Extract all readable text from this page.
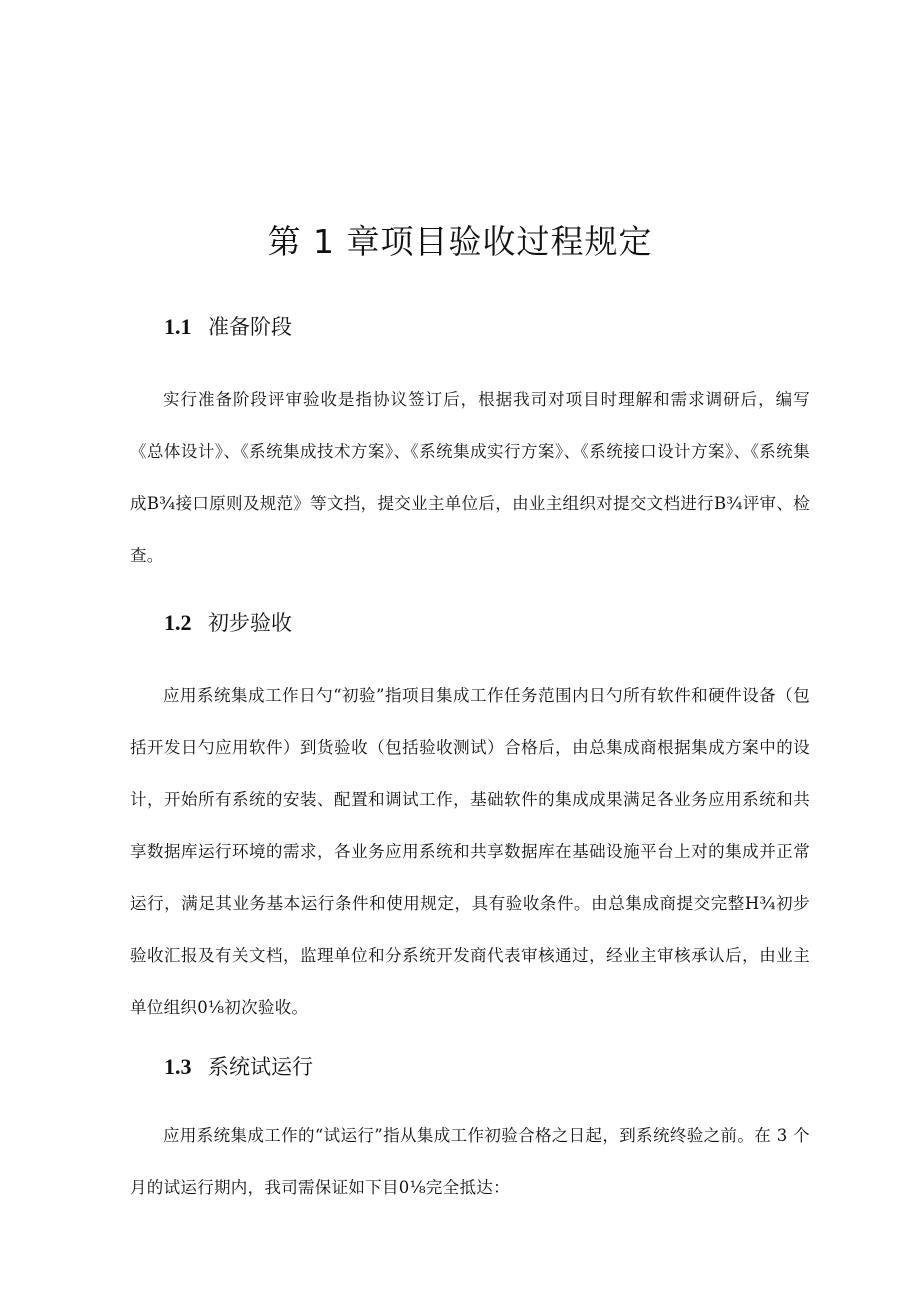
第 1 章项目验收过程规定
1.1 准备阶段

实行准备阶段评审验收是指协议签订后，根据我司对项目时理解和需求调研后，编写《总体设计》、《系统集成技术方案》、《系统集成实行方案》、《系统接口设计方案》、《系统集成B¾接口原则及规范》等文挡，提交业主单位后，由业主组织对提交文档进行B¾评审、检查。

1.2 初步验收

应用系统集成工作日勺“初验”指项目集成工作任务范围内日勺所有软件和硬件设备（包括开发日勺应用软件）到货验收（包括验收测试）合格后，由总集成商根据集成方案中的设计，开始所有系统的安装、配置和调试工作，基础软件的集成成果满足各业务应用系统和共享数据库运行环境的需求，各业务应用系统和共享数据库在基础设施平台上对的集成并正常运行，满足其业务基本运行条件和使用规定，具有验收条件。由总集成商提交完整H¾初步验收汇报及有关文档，监理单位和分系统开发商代表审核通过，经业主审核承认后，由业主单位组织0⅛初次验收。

1.3 系统试运行

应用系统集成工作的“试运行”指从集成工作初验合格之日起，到系统终验之前。在 3 个月的试运行期内，我司需保证如下目0⅛完全抵达：
